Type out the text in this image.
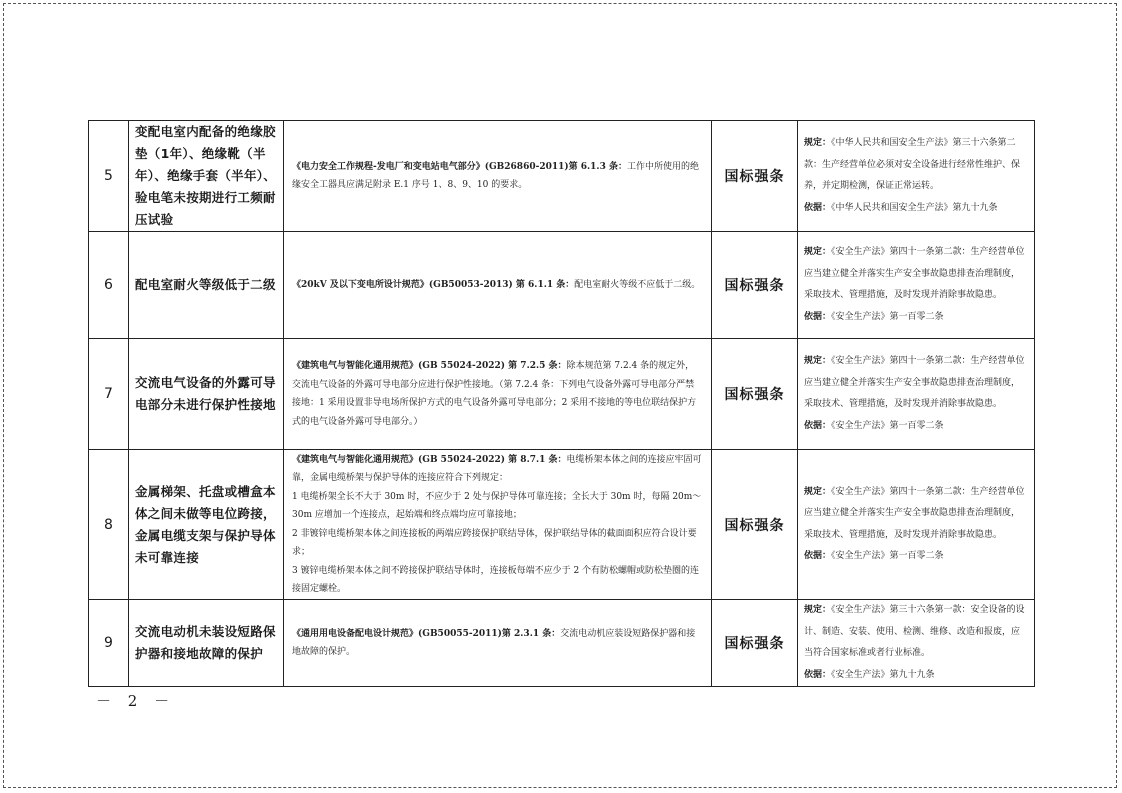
5	变配电室内配备的绝缘胶垫（1年）、绝缘靴（半年）、绝缘手套（半年）、验电笔未按期进行工频耐压试验	《电力安全工作规程-发电厂和变电站电气部分》(GB26860-2011)第 6.1.3 条：工作中所使用的绝缘安全工器具应满足附录 E.1 序号 1、8、9、10 的要求。	国标强条	规定：《中华人民共和国安全生产法》第三十六条第二款：生产经营单位必须对安全设备进行经常性维护、保养，并定期检测，保证正常运转。
依据：《中华人民共和国安全生产法》第九十九条
6	配电室耐火等级低于二级	《20kV 及以下变电所设计规范》(GB50053-2013) 第 6.1.1 条：配电室耐火等级不应低于二级。	国标强条	规定：《安全生产法》第四十一条第二款：生产经营单位应当建立健全并落实生产安全事故隐患排查治理制度，采取技术、管理措施，及时发现并消除事故隐患。
依据：《安全生产法》第一百零二条
7	交流电气设备的外露可导电部分未进行保护性接地	《建筑电气与智能化通用规范》(GB 55024-2022) 第 7.2.5 条：除本规范第 7.2.4 条的规定外，交流电气设备的外露可导电部分应进行保护性接地。（第 7.2.4 条：下列电气设备外露可导电部分严禁接地：1 采用设置非导电场所保护方式的电气设备外露可导电部分；2 采用不接地的等电位联结保护方式的电气设备外露可导电部分。）	国标强条	规定：《安全生产法》第四十一条第二款：生产经营单位应当建立健全并落实生产安全事故隐患排查治理制度，采取技术、管理措施，及时发现并消除事故隐患。
依据：《安全生产法》第一百零二条
8	金属梯架、托盘或槽盒本体之间未做等电位跨接，金属电缆支架与保护导体未可靠连接	《建筑电气与智能化通用规范》(GB 55024-2022) 第 8.7.1 条：电缆桥架本体之间的连接应牢固可靠，金属电缆桥架与保护导体的连接应符合下列规定：
1 电缆桥架全长不大于 30m 时，不应少于 2 处与保护导体可靠连接；全长大于 30m 时，每隔 20m～30m 应增加一个连接点，起始端和终点端均应可靠接地；
2 非镀锌电缆桥架本体之间连接板的两端应跨接保护联结导体，保护联结导体的截面面积应符合设计要求；
3 镀锌电缆桥架本体之间不跨接保护联结导体时，连接板每端不应少于 2 个有防松螺帽或防松垫圈的连接固定螺栓。	国标强条	规定：《安全生产法》第四十一条第二款：生产经营单位应当建立健全并落实生产安全事故隐患排查治理制度，采取技术、管理措施，及时发现并消除事故隐患。
依据：《安全生产法》第一百零二条
9	交流电动机未装设短路保护器和接地故障的保护	《通用用电设备配电设计规范》(GB50055-2011)第 2.3.1 条：交流电动机应装设短路保护器和接地故障的保护。	国标强条	规定：《安全生产法》第三十六条第一款：安全设备的设计、制造、安装、使用、检测、维修、改造和报废，应当符合国家标准或者行业标准。
依据：《安全生产法》第九十九条
－ 2 －
